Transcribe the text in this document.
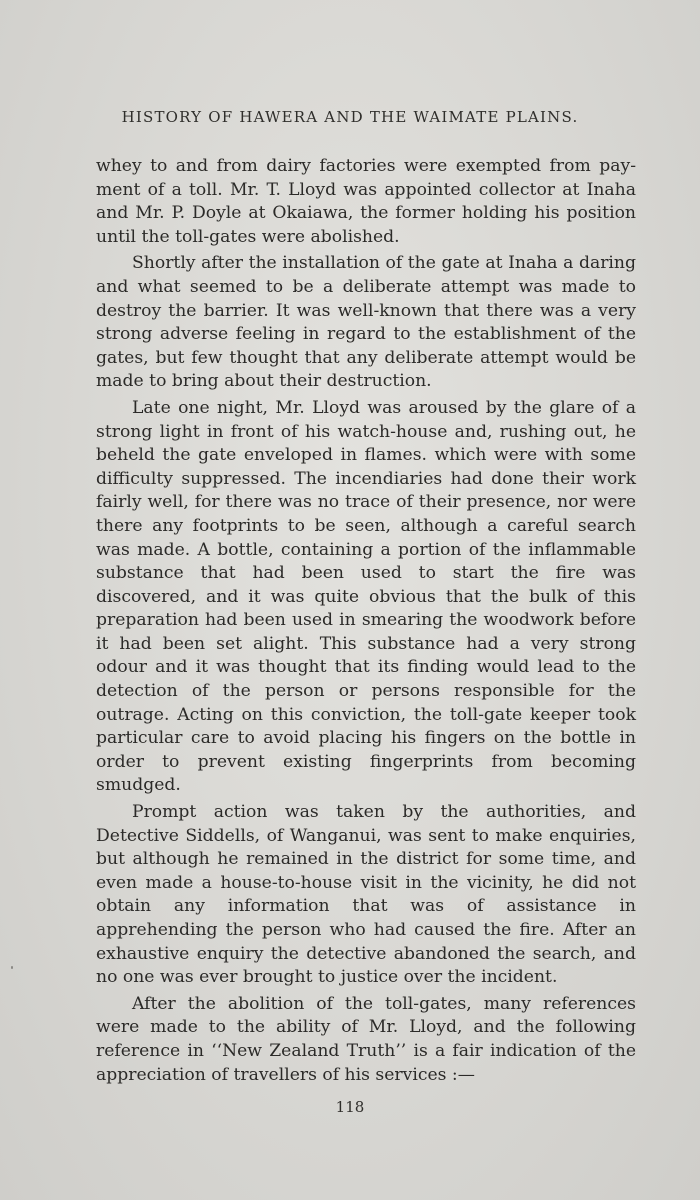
HISTORY OF HAWERA AND THE WAIMATE PLAINS.

whey to and from dairy factories were exempted from payment of a toll. Mr. T. Lloyd was appointed collector at Inaha and Mr. P. Doyle at Okaiawa, the former holding his position until the toll-gates were abolished.

Shortly after the installation of the gate at Inaha a daring and what seemed to be a deliberate attempt was made to destroy the barrier. It was well-known that there was a very strong adverse feeling in regard to the establishment of the gates, but few thought that any deliberate attempt would be made to bring about their destruction.

Late one night, Mr. Lloyd was aroused by the glare of a strong light in front of his watch-house and, rushing out, he beheld the gate enveloped in flames. which were with some difficulty suppressed. The incendiaries had done their work fairly well, for there was no trace of their presence, nor were there any footprints to be seen, although a careful search was made. A bottle, containing a portion of the inflammable substance that had been used to start the fire was discovered, and it was quite obvious that the bulk of this preparation had been used in smearing the woodwork before it had been set alight. This substance had a very strong odour and it was thought that its finding would lead to the detection of the person or persons responsible for the outrage. Acting on this conviction, the toll-gate keeper took particular care to avoid placing his fingers on the bottle in order to prevent existing fingerprints from becoming smudged.

Prompt action was taken by the authorities, and Detective Siddells, of Wanganui, was sent to make enquiries, but although he remained in the district for some time, and even made a house-to-house visit in the vicinity, he did not obtain any information that was of assistance in apprehending the person who had caused the fire. After an exhaustive enquiry the detective abandoned the search, and no one was ever brought to justice over the incident.

After the abolition of the toll-gates, many references were made to the ability of Mr. Lloyd, and the following reference in ‘‘New Zealand Truth’’ is a fair indication of the appreciation of travellers of his services :—

118
